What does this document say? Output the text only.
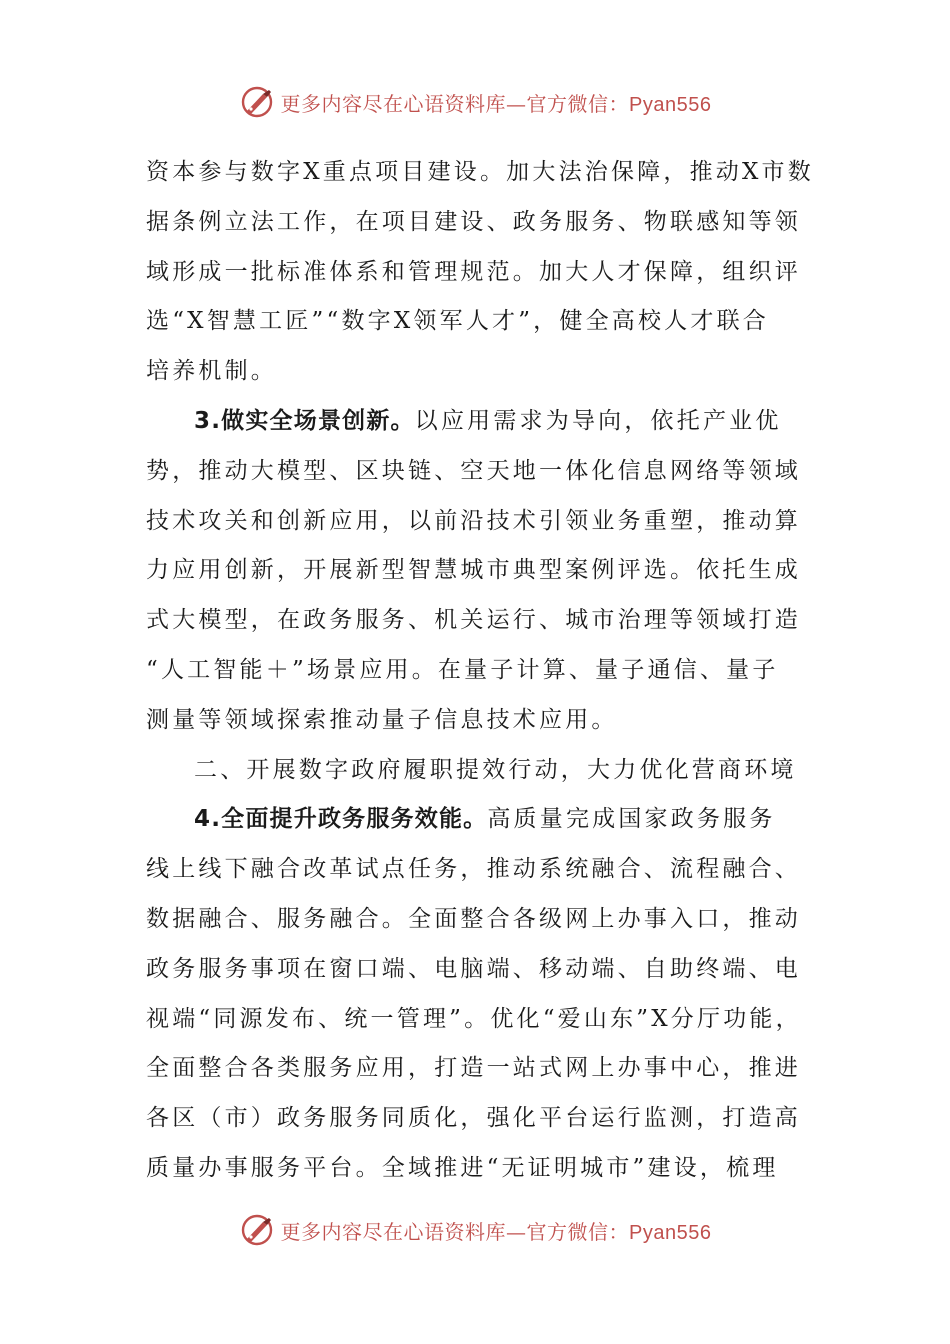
更多内容尽在心语资料库—官方微信：Pyan556
资本参与数字X重点项目建设。加大法治保障，推动X市数
据条例立法工作，在项目建设、政务服务、物联感知等领
域形成一批标准体系和管理规范。加大人才保障，组织评
选“X智慧工匠”“数字X领军人才”，健全高校人才联合
培养机制。
3.做实全场景创新。以应用需求为导向，依托产业优
势，推动大模型、区块链、空天地一体化信息网络等领域
技术攻关和创新应用，以前沿技术引领业务重塑，推动算
力应用创新，开展新型智慧城市典型案例评选。依托生成
式大模型，在政务服务、机关运行、城市治理等领域打造
“人工智能＋”场景应用。在量子计算、量子通信、量子
测量等领域探索推动量子信息技术应用。
二、开展数字政府履职提效行动，大力优化营商环境
4.全面提升政务服务效能。高质量完成国家政务服务
线上线下融合改革试点任务，推动系统融合、流程融合、
数据融合、服务融合。全面整合各级网上办事入口，推动
政务服务事项在窗口端、电脑端、移动端、自助终端、电
视端“同源发布、统一管理”。优化“爱山东”X分厅功能，
全面整合各类服务应用，打造一站式网上办事中心，推进
各区（市）政务服务同质化，强化平台运行监测，打造高
质量办事服务平台。全域推进“无证明城市”建设，梳理
更多内容尽在心语资料库—官方微信：Pyan556
